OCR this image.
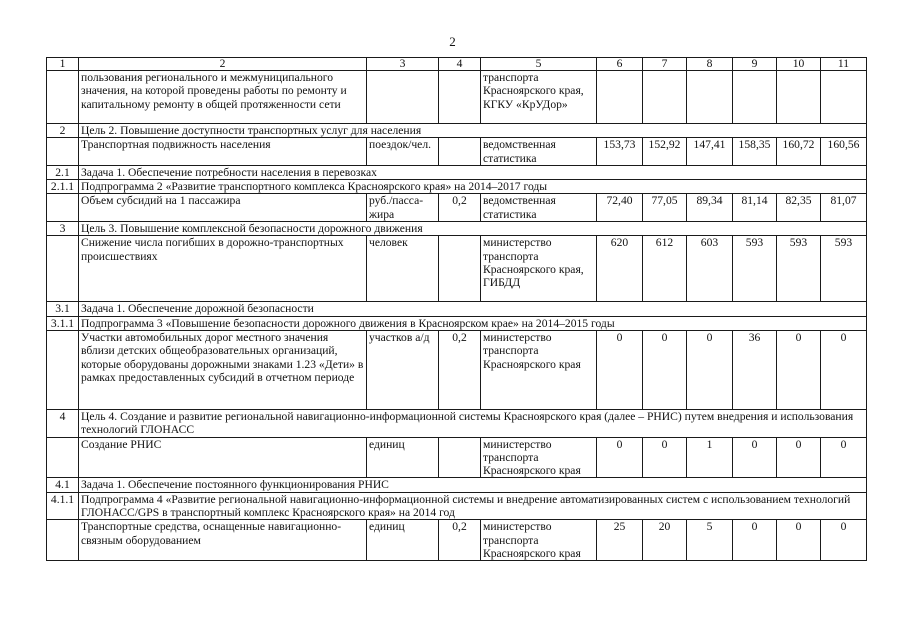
2
1	2	3	4	5	6	7	8	9	10	11
	пользования регионального и межмуниципального значения, на которой проведены работы по ремонту и капитальному ремонту в общей протяженности сети			транспорта Красноярского края, КГКУ «КрУДор»						
2	Цель 2. Повышение доступности транспортных услуг для населения									
	Транспортная подвижность населения	поездок/чел.		ведомственная статистика	153,73	152,92	147,41	158,35	160,72	160,56
2.1	Задача 1. Обеспечение потребности населения в перевозках									
2.1.1	Подпрограмма 2 «Развитие транспортного комплекса Красноярского края» на 2014–2017 годы									
	Объем субсидий на 1 пассажира	руб./пасса-жира	0,2	ведомственная статистика	72,40	77,05	89,34	81,14	82,35	81,07
3	Цель 3. Повышение комплексной безопасности дорожного движения									
	Снижение числа погибших в дорожно-транспортных происшествиях	человек		министерство транспорта Красноярского края, ГИБДД	620	612	603	593	593	593
3.1	Задача 1. Обеспечение дорожной безопасности									
3.1.1	Подпрограмма 3 «Повышение безопасности дорожного движения в Красноярском крае» на 2014–2015 годы									
	Участки автомобильных дорог местного значения вблизи детских общеобразовательных организаций, которые оборудованы дорожными знаками 1.23 «Дети» в рамках предоставленных субсидий в отчетном периоде	участков а/д	0,2	министерство транспорта Красноярского края	0	0	0	36	0	0
4	Цель 4. Создание и развитие региональной навигационно-информационной системы Красноярского края (далее – РНИС) путем внедрения и использования технологий ГЛОНАСС									
	Создание РНИС	единиц		министерство транспорта Красноярского края	0	0	1	0	0	0
4.1	Задача 1. Обеспечение постоянного функционирования РНИС									
4.1.1	Подпрограмма 4 «Развитие региональной навигационно-информационной системы и внедрение автоматизированных систем с использованием технологий ГЛОНАСС/GPS в транспортный комплекс Красноярского края» на 2014 год									
	Транспортные средства, оснащенные навигационно-связным оборудованием	единиц	0,2	министерство транспорта Красноярского края	25	20	5	0	0	0
